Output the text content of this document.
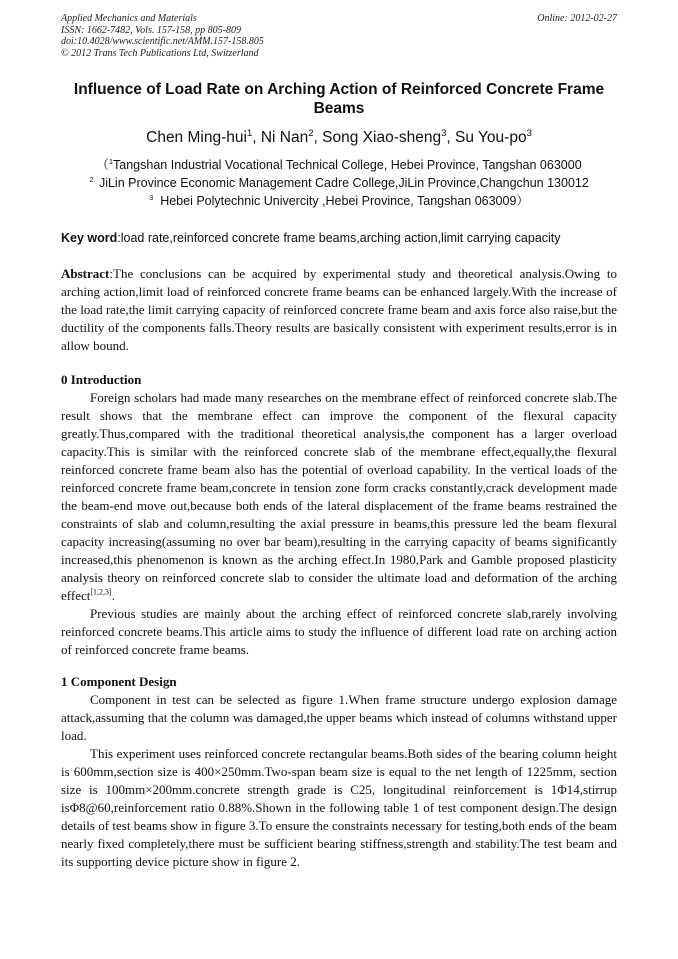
Applied Mechanics and Materials
ISSN: 1662-7482, Vols. 157-158, pp 805-809
doi:10.4028/www.scientific.net/AMM.157-158.805
© 2012 Trans Tech Publications Ltd, Switzerland
Online: 2012-02-27
Influence of Load Rate on Arching Action of Reinforced Concrete Frame Beams
Chen Ming-hui$^1$, Ni Nan$^2$, Song Xiao-sheng$^3$, Su You-$po^3$
（$^1$Tangshan Industrial Vocational Technical College, Hebei Province, Tangshan 063000
$^{2.}$ JiLin Province Economic Management Cadre College,JiLin Province,Changchun 130012
$^3$ Hebei Polytechnic Univercity ,Hebei Province, Tangshan 063009）
Key word:load rate,reinforced concrete frame beams,arching action,limit carrying capacity
Abstract:The conclusions can be acquired by experimental study and theoretical analysis.Owing to arching action,limit load of reinforced concrete frame beams can be enhanced largely.With the increase of the load rate,the limit carrying capacity of reinforced concrete frame beam and axis force also raise,but the ductility of the components falls.Theory results are basically consistent with experiment results,error is in allow bound.
0 Introduction

Foreign scholars had made many researches on the membrane effect of reinforced concrete slab.The result shows that the membrane effect can improve the component of the flexural capacity greatly.Thus,compared with the traditional theoretical analysis,the component has a larger overload capacity.This is similar with the reinforced concrete slab of the membrane effect,equally,the flexural reinforced concrete frame beam also has the potential of overload capability. In the vertical loads of the reinforced concrete frame beam,concrete in tension zone form cracks constantly,crack development made the beam-end move out,because both ends of the lateral displacement of the frame beams restrained the constraints of slab and column,resulting the axial pressure in beams,this pressure led the beam flexural capacity increasing(assuming no over bar beam),resulting in the carrying capacity of beams significantly increased,this phenomenon is known as the arching effect.In 1980,Park and Gamble proposed plasticity analysis theory on reinforced concrete slab to consider the ultimate load and deformation of the arching effect[1,2,3].

Previous studies are mainly about the arching effect of reinforced concrete slab,rarely involving reinforced concrete beams.This article aims to study the influence of different load rate on arching action of reinforced concrete frame beams.

1 Component Design

Component in test can be selected as figure 1.When frame structure undergo explosion damage attack,assuming that the column was damaged,the upper beams which instead of columns withstand upper load.

This experiment uses reinforced concrete rectangular beams.Both sides of the bearing column height is 600mm,section size is 400×250mm.Two-span beam size is equal to the net length of 1225mm, section size is 100mm×200mm.concrete strength grade is C25, longitudinal reinforcement is 1Φ14,stirrup isΦ8@60,reinforcement ratio 0.88%.Shown in the following table 1 of test component design.The design details of test beams show in figure 3.To ensure the constraints necessary for testing,both ends of the beam nearly fixed completely,there must be sufficient bearing stiffness,strength and stability.The test beam and its supporting device picture show in figure 2.
